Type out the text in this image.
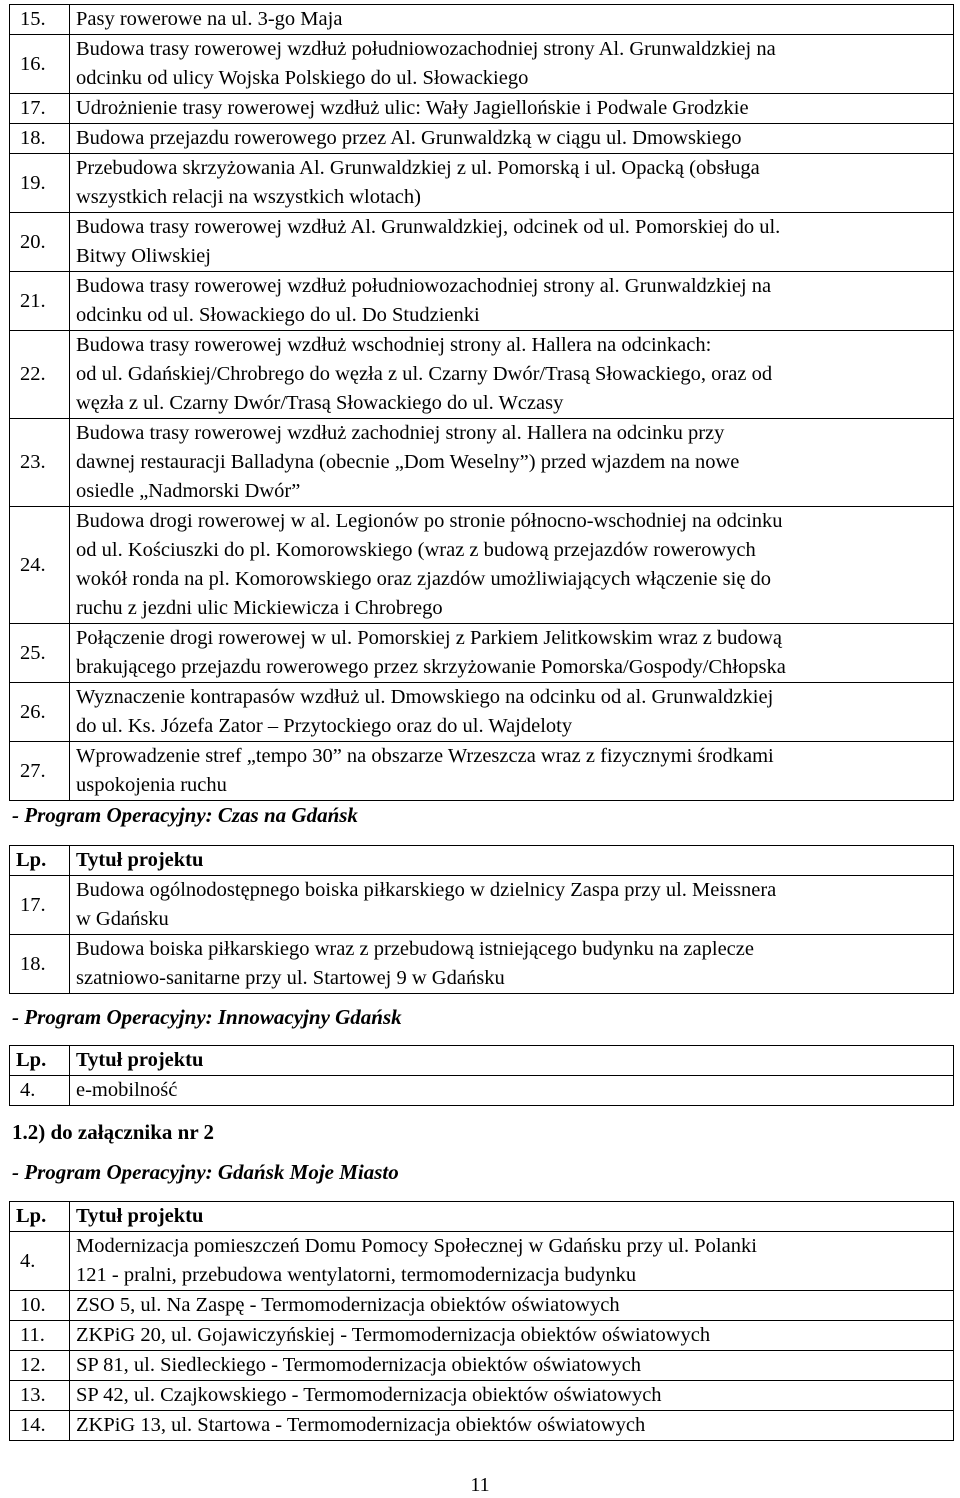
15.	Pasy rowerowe na ul. 3-go Maja
16.	Budowa trasy rowerowej wzdłuż południowozachodniej strony Al. Grunwaldzkiej na
odcinku od ulicy Wojska Polskiego do ul. Słowackiego
17.	Udrożnienie trasy rowerowej wzdłuż ulic: Wały Jagiellońskie i Podwale Grodzkie
18.	Budowa przejazdu rowerowego przez Al. Grunwaldzką w ciągu ul. Dmowskiego
19.	Przebudowa skrzyżowania Al. Grunwaldzkiej z ul. Pomorską i ul. Opacką (obsługa
wszystkich relacji na wszystkich wlotach)
20.	Budowa trasy rowerowej wzdłuż Al. Grunwaldzkiej, odcinek od ul. Pomorskiej do ul.
Bitwy Oliwskiej
21.	Budowa trasy rowerowej wzdłuż południowozachodniej strony al. Grunwaldzkiej na
odcinku od ul. Słowackiego do ul. Do Studzienki
22.	Budowa trasy rowerowej wzdłuż wschodniej strony al. Hallera na odcinkach:
od ul. Gdańskiej/Chrobrego do węzła z ul. Czarny Dwór/Trasą Słowackiego, oraz od
węzła z ul. Czarny Dwór/Trasą Słowackiego do ul. Wczasy
23.	Budowa trasy rowerowej wzdłuż zachodniej strony al. Hallera na odcinku przy
dawnej restauracji Balladyna (obecnie „Dom Weselny”) przed wjazdem na nowe
osiedle „Nadmorski Dwór”
24.	Budowa drogi rowerowej w al. Legionów po stronie północno-wschodniej na odcinku
od ul. Kościuszki do pl. Komorowskiego (wraz z budową przejazdów rowerowych
wokół ronda na pl. Komorowskiego oraz zjazdów umożliwiających włączenie się do
ruchu z jezdni ulic Mickiewicza i Chrobrego
25.	Połączenie drogi rowerowej w ul. Pomorskiej z Parkiem Jelitkowskim wraz z budową
brakującego przejazdu rowerowego przez skrzyżowanie Pomorska/Gospody/Chłopska
26.	Wyznaczenie kontrapasów wzdłuż ul. Dmowskiego na odcinku od al. Grunwaldzkiej
do ul. Ks. Józefa Zator – Przytockiego oraz do ul. Wajdeloty
27.	Wprowadzenie stref „tempo 30” na obszarze Wrzeszcza wraz z fizycznymi środkami
uspokojenia ruchu
- Program Operacyjny: Czas na Gdańsk
Lp.	Tytuł projektu
17.	Budowa ogólnodostępnego boiska piłkarskiego w dzielnicy Zaspa przy ul. Meissnera
w Gdańsku
18.	Budowa boiska piłkarskiego wraz z przebudową istniejącego budynku na zaplecze
szatniowo-sanitarne przy ul. Startowej 9 w Gdańsku
- Program Operacyjny: Innowacyjny Gdańsk
Lp.	Tytuł projektu
4.	e-mobilność
1.2) do załącznika nr 2
- Program Operacyjny: Gdańsk Moje Miasto
Lp.	Tytuł projektu
4.	Modernizacja pomieszczeń Domu Pomocy Społecznej w Gdańsku przy ul. Polanki
121 - pralni, przebudowa wentylatorni, termomodernizacja budynku
10.	ZSO 5, ul. Na Zaspę - Termomodernizacja obiektów oświatowych
11.	ZKPiG 20, ul. Gojawiczyńskiej - Termomodernizacja obiektów oświatowych
12.	SP 81, ul. Siedleckiego - Termomodernizacja obiektów oświatowych
13.	SP 42, ul. Czajkowskiego - Termomodernizacja obiektów oświatowych
14.	ZKPiG 13, ul. Startowa - Termomodernizacja obiektów oświatowych
11
